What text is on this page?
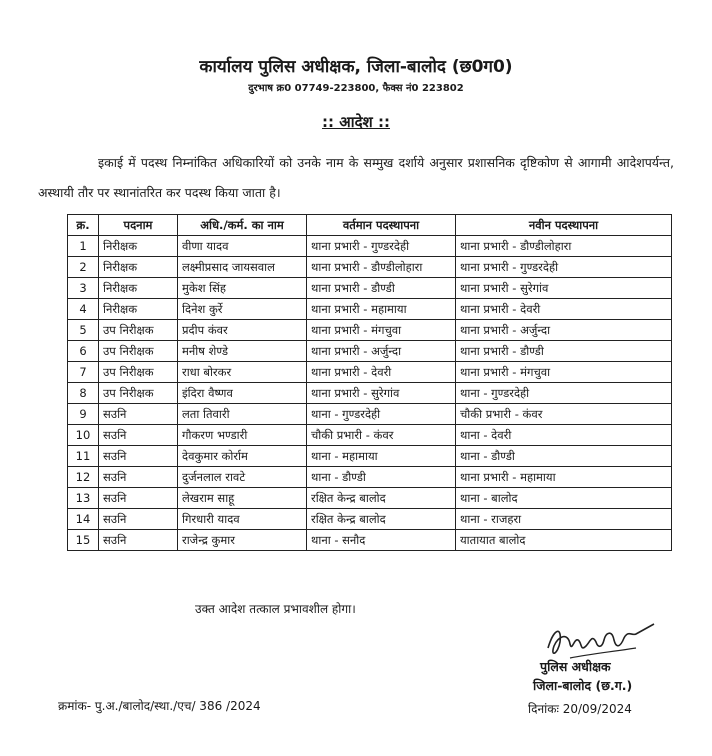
कार्यालय पुलिस अधीक्षक, जिला-बालोद (छ0ग0)
दुरभाष क्र0 07749-223800, फैक्स नं0 223802
:: आदेश ::
इकाई में पदस्थ निम्नांकित अधिकारियों को उनके नाम के सम्मुख दर्शाये अनुसार प्रशासनिक दृष्टिकोण से आगामी आदेशपर्यन्त, अस्थायी तौर पर स्थानांतरित कर पदस्थ किया जाता है।
क्र.	पदनाम	अधि./कर्म. का नाम	वर्तमान पदस्थापना	नवीन पदस्थापना
1	निरीक्षक	वीणा यादव	थाना प्रभारी - गुण्डरदेही	थाना प्रभारी - डौण्डीलोहारा
2	निरीक्षक	लक्ष्मीप्रसाद जायसवाल	थाना प्रभारी - डौण्डीलोहारा	थाना प्रभारी - गुण्डरदेही
3	निरीक्षक	मुकेश सिंह	थाना प्रभारी - डौण्डी	थाना प्रभारी - सुरेगांव
4	निरीक्षक	दिनेश कुर्रे	थाना प्रभारी - महामाया	थाना प्रभारी - देवरी
5	उप निरीक्षक	प्रदीप कंवर	थाना प्रभारी - मंगचुवा	थाना प्रभारी - अर्जुन्दा
6	उप निरीक्षक	मनीष शेण्डे	थाना प्रभारी - अर्जुन्दा	थाना प्रभारी - डौण्डी
7	उप निरीक्षक	राधा बोरकर	थाना प्रभारी - देवरी	थाना प्रभारी - मंगचुवा
8	उप निरीक्षक	इंदिरा वैष्णव	थाना प्रभारी - सुरेगांव	थाना - गुण्डरदेही
9	सउनि	लता तिवारी	थाना - गुण्डरदेही	चौकी प्रभारी - कंवर
10	सउनि	गौकरण भण्डारी	चौकी प्रभारी - कंवर	थाना - देवरी
11	सउनि	देवकुमार कोर्राम	थाना - महामाया	थाना - डौण्डी
12	सउनि	दुर्जनलाल रावटे	थाना - डौण्डी	थाना प्रभारी - महामाया
13	सउनि	लेखराम साहू	रक्षित केन्द्र बालोद	थाना - बालोद
14	सउनि	गिरधारी यादव	रक्षित केन्द्र बालोद	थाना - राजहरा
15	सउनि	राजेन्द्र कुमार	थाना - सनौद	यातायात बालोद
उक्त आदेश तत्काल प्रभावशील होगा।
पुलिस अधीक्षक
जिला-बालोद (छ.ग.)
क्रमांक- पु.अ./बालोद/स्था./एच/ 386 /2024	दिनांकः 20/09/2024
